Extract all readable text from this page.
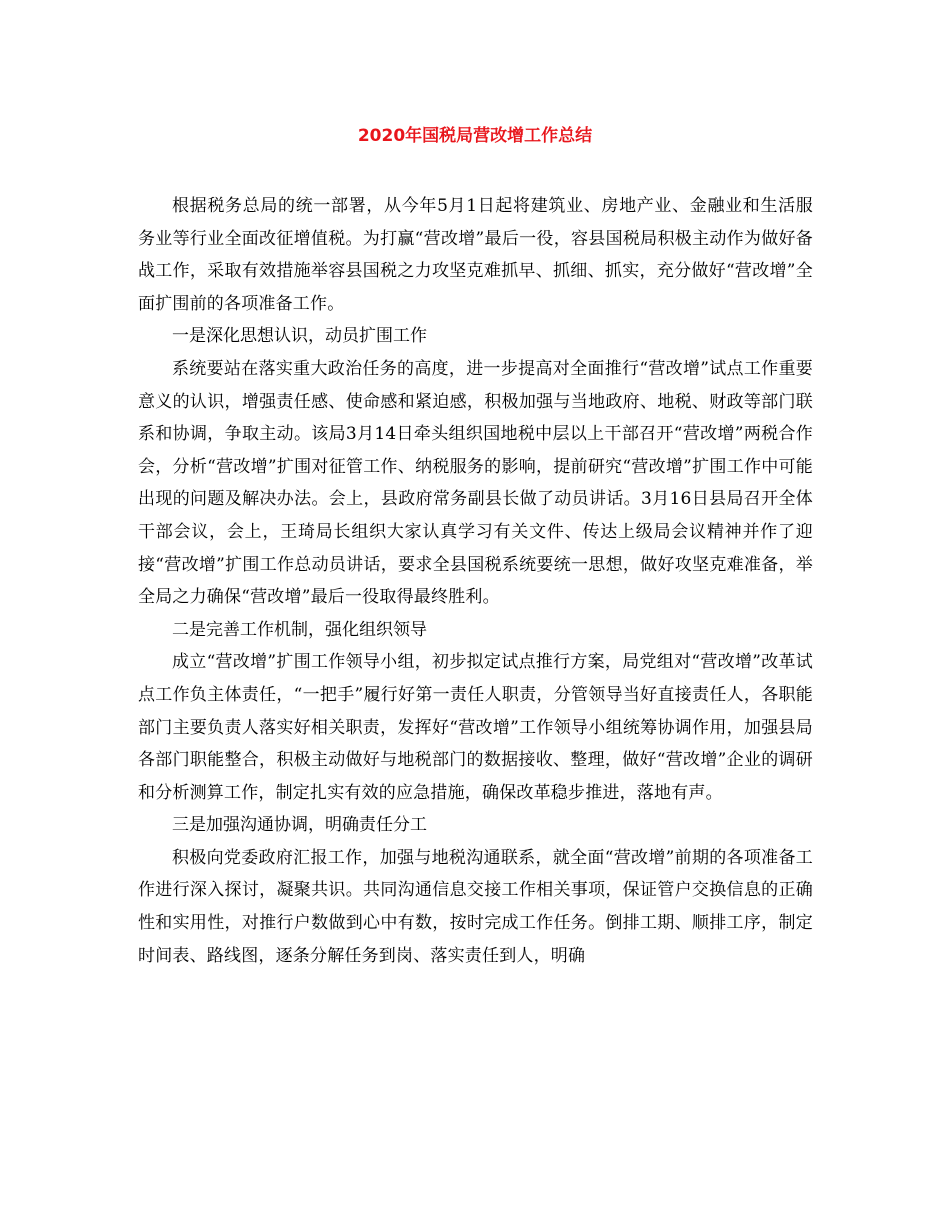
2020年国税局营改增工作总结

根据税务总局的统一部署，从今年5月1日起将建筑业、房地产业、金融业和生活服务业等行业全面改征增值税。为打赢“营改增”最后一役，容县国税局积极主动作为做好备战工作，采取有效措施举容县国税之力攻坚克难抓早、抓细、抓实，充分做好“营改增”全面扩围前的各项准备工作。

一是深化思想认识，动员扩围工作

系统要站在落实重大政治任务的高度，进一步提高对全面推行“营改增”试点工作重要意义的认识，增强责任感、使命感和紧迫感，积极加强与当地政府、地税、财政等部门联系和协调，争取主动。该局3月14日牵头组织国地税中层以上干部召开“营改增”两税合作会，分析“营改增”扩围对征管工作、纳税服务的影响，提前研究“营改增”扩围工作中可能出现的问题及解决办法。会上，县政府常务副县长做了动员讲话。3月16日县局召开全体干部会议，会上，王琦局长组织大家认真学习有关文件、传达上级局会议精神并作了迎接“营改增”扩围工作总动员讲话，要求全县国税系统要统一思想，做好攻坚克难准备，举全局之力确保“营改增”最后一役取得最终胜利。

二是完善工作机制，强化组织领导

成立“营改增”扩围工作领导小组，初步拟定试点推行方案，局党组对“营改增”改革试点工作负主体责任，“一把手”履行好第一责任人职责，分管领导当好直接责任人，各职能部门主要负责人落实好相关职责，发挥好“营改增”工作领导小组统筹协调作用，加强县局各部门职能整合，积极主动做好与地税部门的数据接收、整理，做好“营改增”企业的调研和分析测算工作，制定扎实有效的应急措施，确保改革稳步推进，落地有声。

三是加强沟通协调，明确责任分工

积极向党委政府汇报工作，加强与地税沟通联系，就全面“营改增”前期的各项准备工作进行深入探讨，凝聚共识。共同沟通信息交接工作相关事项，保证管户交换信息的正确性和实用性，对推行户数做到心中有数，按时完成工作任务。倒排工期、顺排工序，制定时间表、路线图，逐条分解任务到岗、落实责任到人，明确
